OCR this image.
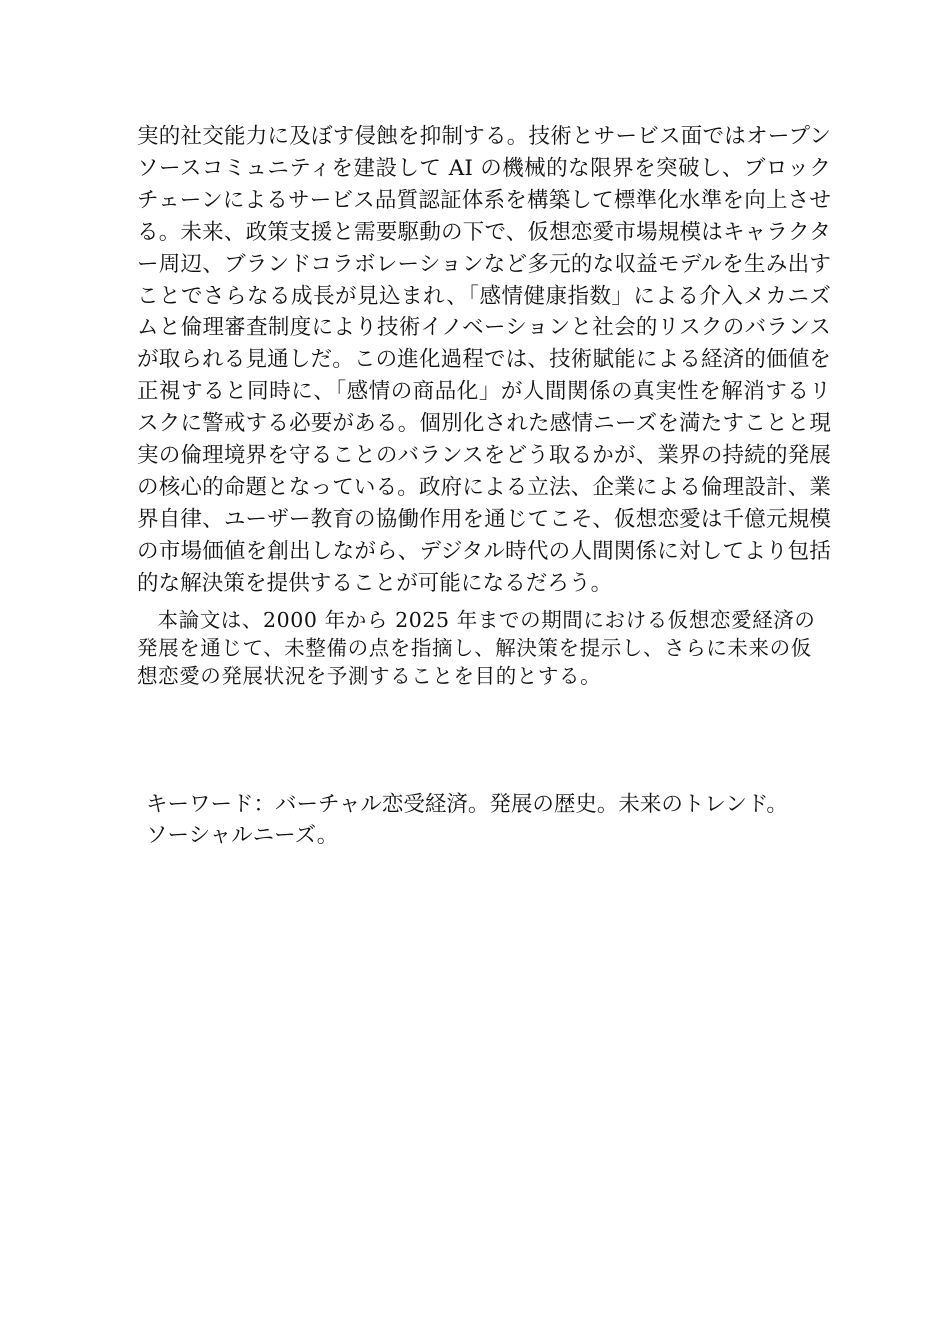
実的社交能力に及ぼす侵蝕を抑制する。技術とサービス面ではオープンソースコミュニティを建設して AI の機械的な限界を突破し、ブロックチェーンによるサービス品質認証体系を構築して標準化水準を向上させる。未来、政策支援と需要駆動の下で、仮想恋愛市場規模はキャラクター周辺、ブランドコラボレーションなど多元的な収益モデルを生み出すことでさらなる成長が見込まれ、「感情健康指数」による介入メカニズムと倫理審査制度により技術イノベーションと社会的リスクのバランスが取られる見通しだ。この進化過程では、技術賦能による経済的価値を正視すると同時に、「感情の商品化」が人間関係の真実性を解消するリスクに警戒する必要がある。個別化された感情ニーズを満たすことと現実の倫理境界を守ることのバランスをどう取るかが、業界の持続的発展の核心的命題となっている。政府による立法、企業による倫理設計、業界自律、ユーザー教育の協働作用を通じてこそ、仮想恋愛は千億元規模の市場価値を創出しながら、デジタル時代の人間関係に対してより包括的な解決策を提供することが可能になるだろう。

本論文は、2000 年から 2025 年までの期間における仮想恋愛経済の発展を通じて、未整備の点を指摘し、解決策を提示し、さらに未来の仮想恋愛の発展状況を予測することを目的とする。

キーワード：バーチャル恋受経済。発展の歴史。未来のトレンド。
ソーシャルニーズ。
